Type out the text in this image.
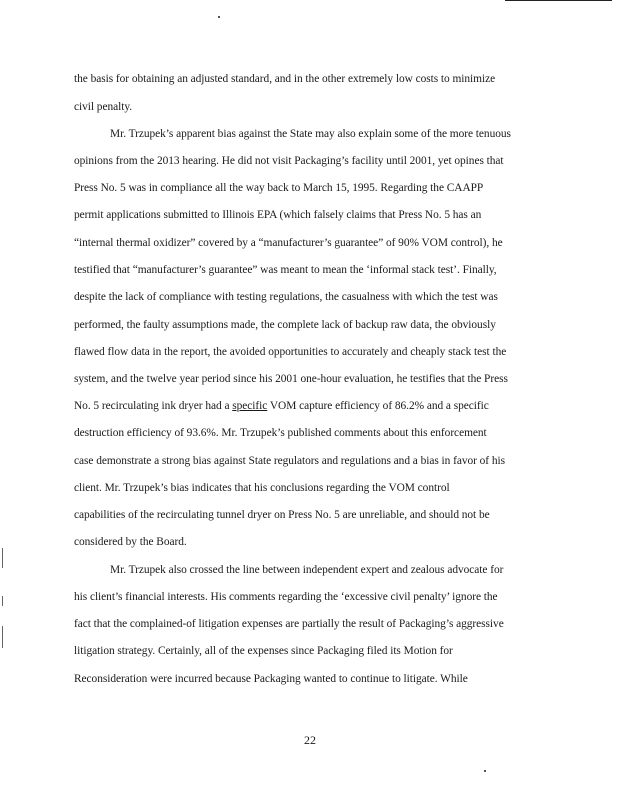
the basis for obtaining an adjusted standard, and in the other extremely low costs to minimize
civil penalty.
Mr. Trzupek’s apparent bias against the State may also explain some of the more tenuous
opinions from the 2013 hearing. He did not visit Packaging’s facility until 2001, yet opines that
Press No. 5 was in compliance all the way back to March 15, 1995. Regarding the CAAPP
permit applications submitted to Illinois EPA (which falsely claims that Press No. 5 has an
“internal thermal oxidizer” covered by a “manufacturer’s guarantee” of 90% VOM control), he
testified that “manufacturer’s guarantee” was meant to mean the ‘informal stack test’. Finally,
despite the lack of compliance with testing regulations, the casualness with which the test was
performed, the faulty assumptions made, the complete lack of backup raw data, the obviously
flawed flow data in the report, the avoided opportunities to accurately and cheaply stack test the
system, and the twelve year period since his 2001 one-hour evaluation, he testifies that the Press
No. 5 recirculating ink dryer had a specific VOM capture efficiency of 86.2% and a specific
destruction efficiency of 93.6%. Mr. Trzupek’s published comments about this enforcement
case demonstrate a strong bias against State regulators and regulations and a bias in favor of his
client. Mr. Trzupek’s bias indicates that his conclusions regarding the VOM control
capabilities of the recirculating tunnel dryer on Press No. 5 are unreliable, and should not be
considered by the Board.
Mr. Trzupek also crossed the line between independent expert and zealous advocate for
his client’s financial interests. His comments regarding the ‘excessive civil penalty’ ignore the
fact that the complained-of litigation expenses are partially the result of Packaging’s aggressive
litigation strategy. Certainly, all of the expenses since Packaging filed its Motion for
Reconsideration were incurred because Packaging wanted to continue to litigate. While
22
